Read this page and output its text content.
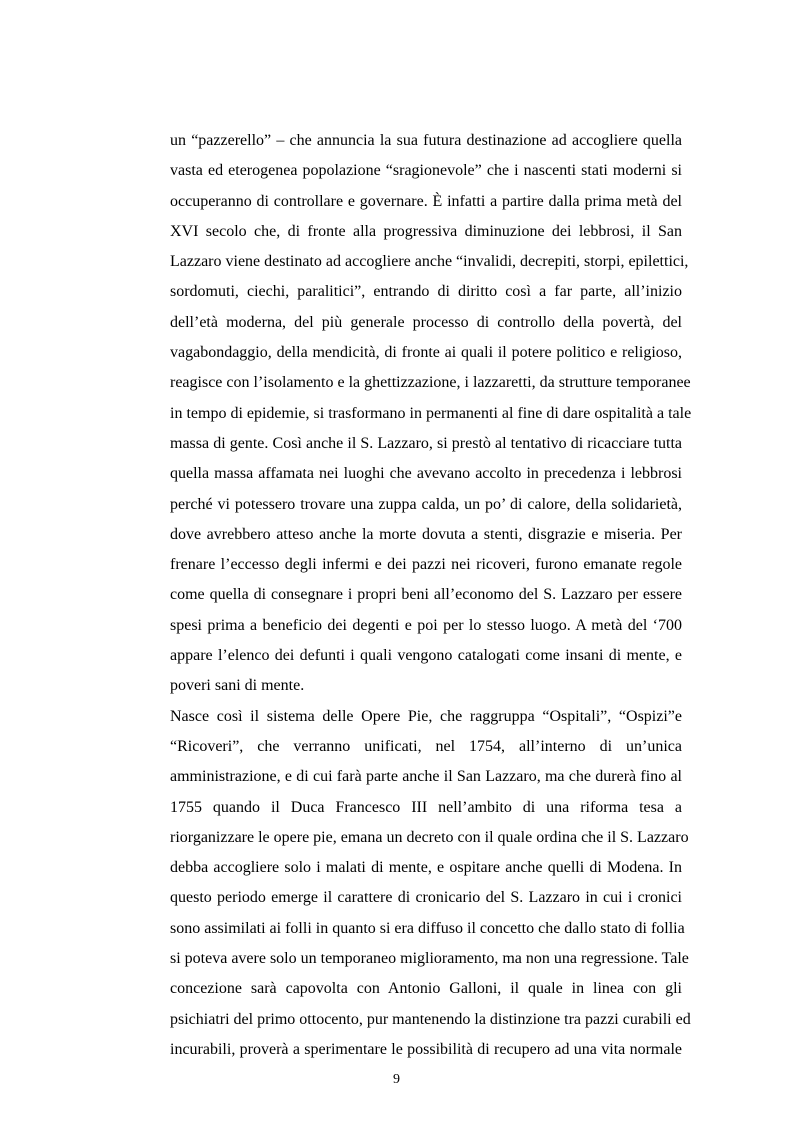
un “pazzerello” – che annuncia la sua futura destinazione ad accogliere quella
vasta ed eterogenea popolazione “sragionevole” che i nascenti stati moderni si
occuperanno di controllare e governare. È infatti a partire dalla prima metà del
XVI secolo che, di fronte alla progressiva diminuzione dei lebbrosi, il San
Lazzaro viene destinato ad accogliere anche “invalidi, decrepiti, storpi, epilettici,
sordomuti, ciechi, paralitici”, entrando di diritto così a far parte, all’inizio
dell’età moderna, del più generale processo di controllo della povertà, del
vagabondaggio, della mendicità, di fronte ai quali il potere politico e religioso,
reagisce con l’isolamento e la ghettizzazione, i lazzaretti, da strutture temporanee
in tempo di epidemie, si trasformano in permanenti al fine di dare ospitalità a tale
massa di gente. Così anche il S. Lazzaro, si prestò al tentativo di ricacciare tutta
quella massa affamata nei luoghi che avevano accolto in precedenza i lebbrosi
perché vi potessero trovare una zuppa calda, un po’ di calore, della solidarietà,
dove avrebbero atteso anche la morte dovuta a stenti, disgrazie e miseria. Per
frenare l’eccesso degli infermi e dei pazzi nei ricoveri, furono emanate regole
come quella di consegnare i propri beni all’economo del S. Lazzaro per essere
spesi prima a beneficio dei degenti e poi per lo stesso luogo. A metà del ‘700
appare l’elenco dei defunti i quali vengono catalogati come insani di mente, e
poveri sani di mente.
Nasce così il sistema delle Opere Pie, che raggruppa “Ospitali”, “Ospizi”e
“Ricoveri”, che verranno unificati, nel 1754, all’interno di un’unica
amministrazione, e di cui farà parte anche il San Lazzaro, ma che durerà fino al
1755 quando il Duca Francesco III nell’ambito di una riforma tesa a
riorganizzare le opere pie, emana un decreto con il quale ordina che il S. Lazzaro
debba accogliere solo i malati di mente, e ospitare anche quelli di Modena. In
questo periodo emerge il carattere di cronicario del S. Lazzaro in cui i cronici
sono assimilati ai folli in quanto si era diffuso il concetto che dallo stato di follia
si poteva avere solo un temporaneo miglioramento, ma non una regressione. Tale
concezione sarà capovolta con Antonio Galloni, il quale in linea con gli
psichiatri del primo ottocento, pur mantenendo la distinzione tra pazzi curabili ed
incurabili, proverà a sperimentare le possibilità di recupero ad una vita normale
9
